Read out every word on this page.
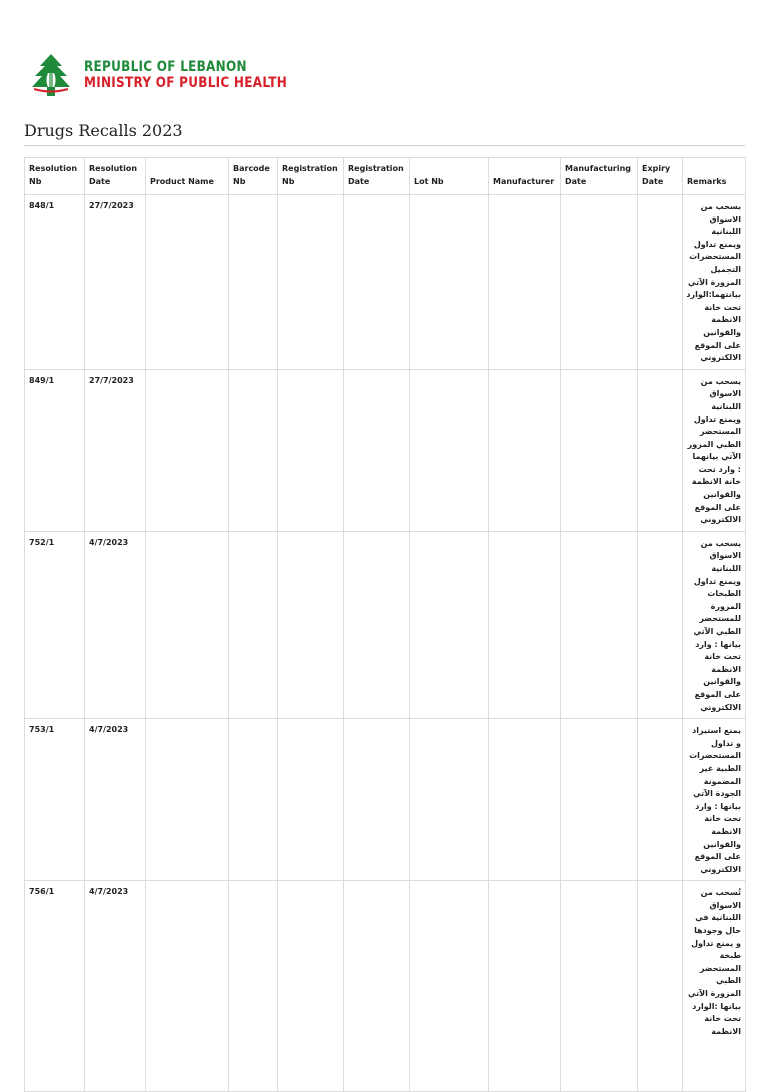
REPUBLIC OF LEBANON
MINISTRY OF PUBLIC HEALTH
Drugs Recalls 2023
Resolution Nb	Resolution Date	Product Name	Barcode Nb	Registration Nb	Registration Date	Lot Nb	Manufacturer	Manufacturing Date	Expiry Date	Remarks
848/1	27/7/2023									يسحب من الاسواق اللبنانية ويمنع تداول المستحضرات التجميل المزورة الآتي بيانتهما:الوارد تحت خانة الانظمة والقوانين على الموقع الالكتروني
849/1	27/7/2023									يسحب من الاسواق اللبنانية ويمنع تداول المستحضر الطبي المزور الآتي بيانهما : وارد تحت خانة الانظمة والقوانين على الموقع الالكتروني
752/1	4/7/2023									يسحب من الاسواق اللبنانية ويمنع تداول الطبخات المزورة للمستحضر الطبي الآتي بيانها : وارد تحت خانة الانظمة والقوانين على الموقع الالكتروني
753/1	4/7/2023									يمنع استيراد و تداول المستحضرات الطبية غير المضمونة الجودة الآتي بيانها : وارد تحت خانة الانظمة والقوانين على الموقع الالكتروني
756/1	4/7/2023									تُسحب من الاسواق اللبنانية في حال وجودها و يمنع تداول طبخة المستحضر الطبي المزورة الآتي بيانها :الوارد تحت خانة الانظمة
